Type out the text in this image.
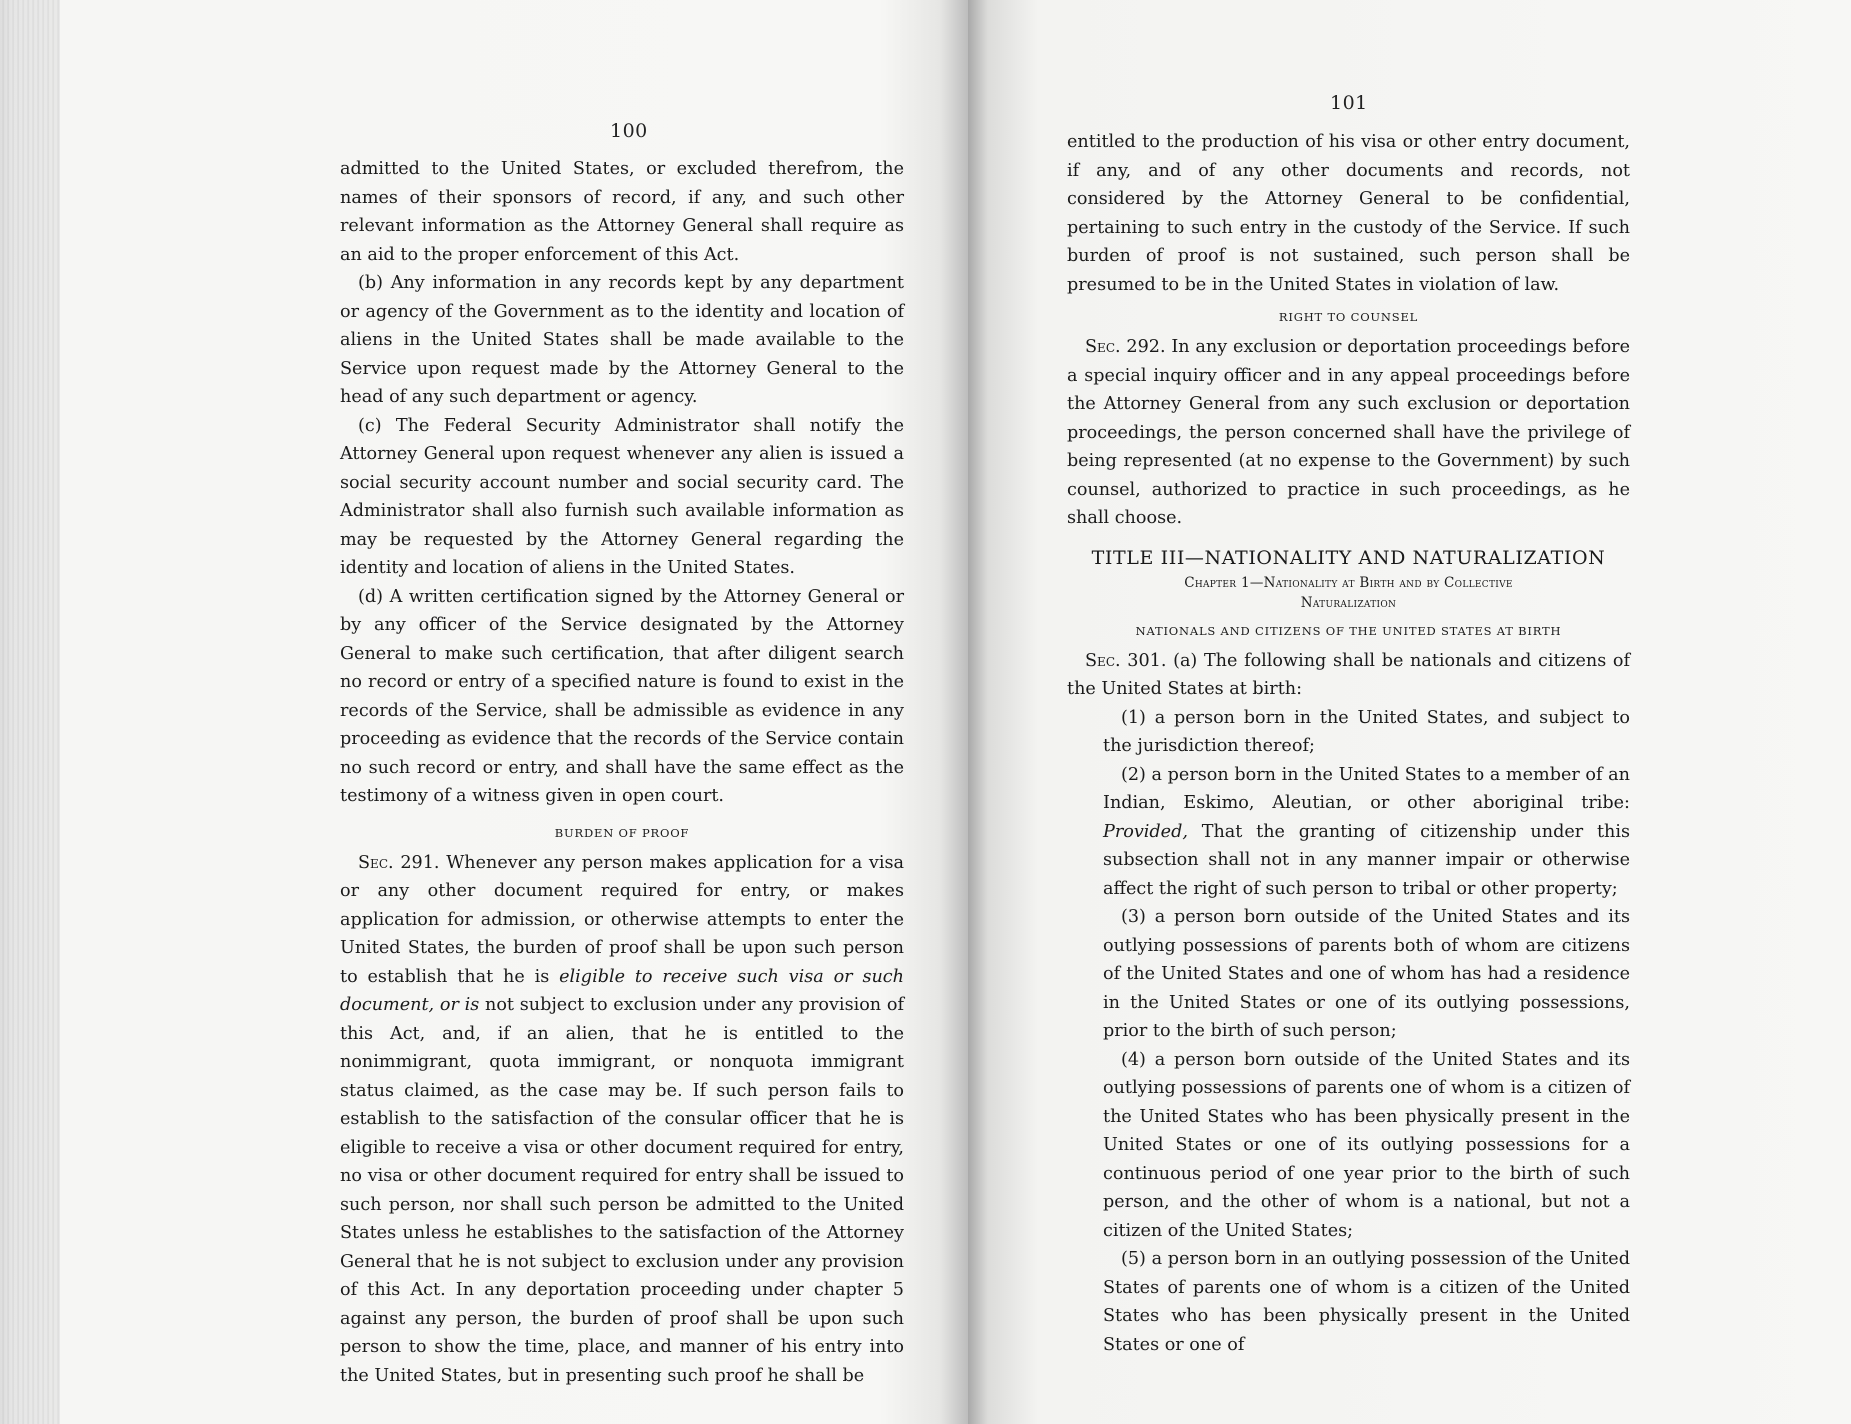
100

admitted to the United States, or excluded therefrom, the names of their sponsors of record, if any, and such other relevant information as the Attorney General shall require as an aid to the proper enforcement of this Act.

(b) Any information in any records kept by any department or agency of the Government as to the identity and location of aliens in the United States shall be made available to the Service upon request made by the Attorney General to the head of any such department or agency.

(c) The Federal Security Administrator shall notify the Attorney General upon request whenever any alien is issued a social security account number and social security card. The Administrator shall also furnish such available information as may be requested by the Attorney General regarding the identity and location of aliens in the United States.

(d) A written certification signed by the Attorney General or by any officer of the Service designated by the Attorney General to make such certification, that after diligent search no record or entry of a specified nature is found to exist in the records of the Service, shall be admissible as evidence in any proceeding as evidence that the records of the Service contain no such record or entry, and shall have the same effect as the testimony of a witness given in open court.

BURDEN OF PROOF

Sec. 291. Whenever any person makes application for a visa or any other document required for entry, or makes application for admission, or otherwise attempts to enter the United States, the burden of proof shall be upon such person to establish that he is eligible to receive such visa or such document, or is not subject to exclusion under any provision of this Act, and, if an alien, that he is entitled to the nonimmigrant, quota immigrant, or nonquota immigrant status claimed, as the case may be. If such person fails to establish to the satisfaction of the consular officer that he is eligible to receive a visa or other document required for entry, no visa or other document required for entry shall be issued to such person, nor shall such person be admitted to the United States unless he establishes to the satisfaction of the Attorney General that he is not subject to exclusion under any provision of this Act. In any deportation proceeding under chapter 5 against any person, the burden of proof shall be upon such person to show the time, place, and manner of his entry into the United States, but in presenting such proof he shall be

101

entitled to the production of his visa or other entry document, if any, and of any other documents and records, not considered by the Attorney General to be confidential, pertaining to such entry in the custody of the Service. If such burden of proof is not sustained, such person shall be presumed to be in the United States in violation of law.

RIGHT TO COUNSEL

Sec. 292. In any exclusion or deportation proceedings before a special inquiry officer and in any appeal proceedings before the Attorney General from any such exclusion or deportation proceedings, the person concerned shall have the privilege of being represented (at no expense to the Government) by such counsel, authorized to practice in such proceedings, as he shall choose.

TITLE III—NATIONALITY AND NATURALIZATION
Chapter 1—Nationality at Birth and by Collective
Naturalization
NATIONALS AND CITIZENS OF THE UNITED STATES AT BIRTH

Sec. 301. (a) The following shall be nationals and citizens of the United States at birth:

(1) a person born in the United States, and subject to the jurisdiction thereof;

(2) a person born in the United States to a member of an Indian, Eskimo, Aleutian, or other aboriginal tribe: Provided, That the granting of citizenship under this subsection shall not in any manner impair or otherwise affect the right of such person to tribal or other property;

(3) a person born outside of the United States and its outlying possessions of parents both of whom are citizens of the United States and one of whom has had a residence in the United States or one of its outlying possessions, prior to the birth of such person;

(4) a person born outside of the United States and its outlying possessions of parents one of whom is a citizen of the United States who has been physically present in the United States or one of its outlying possessions for a continuous period of one year prior to the birth of such person, and the other of whom is a national, but not a citizen of the United States;

(5) a person born in an outlying possession of the United States of parents one of whom is a citizen of the United States who has been physically present in the United States or one of
